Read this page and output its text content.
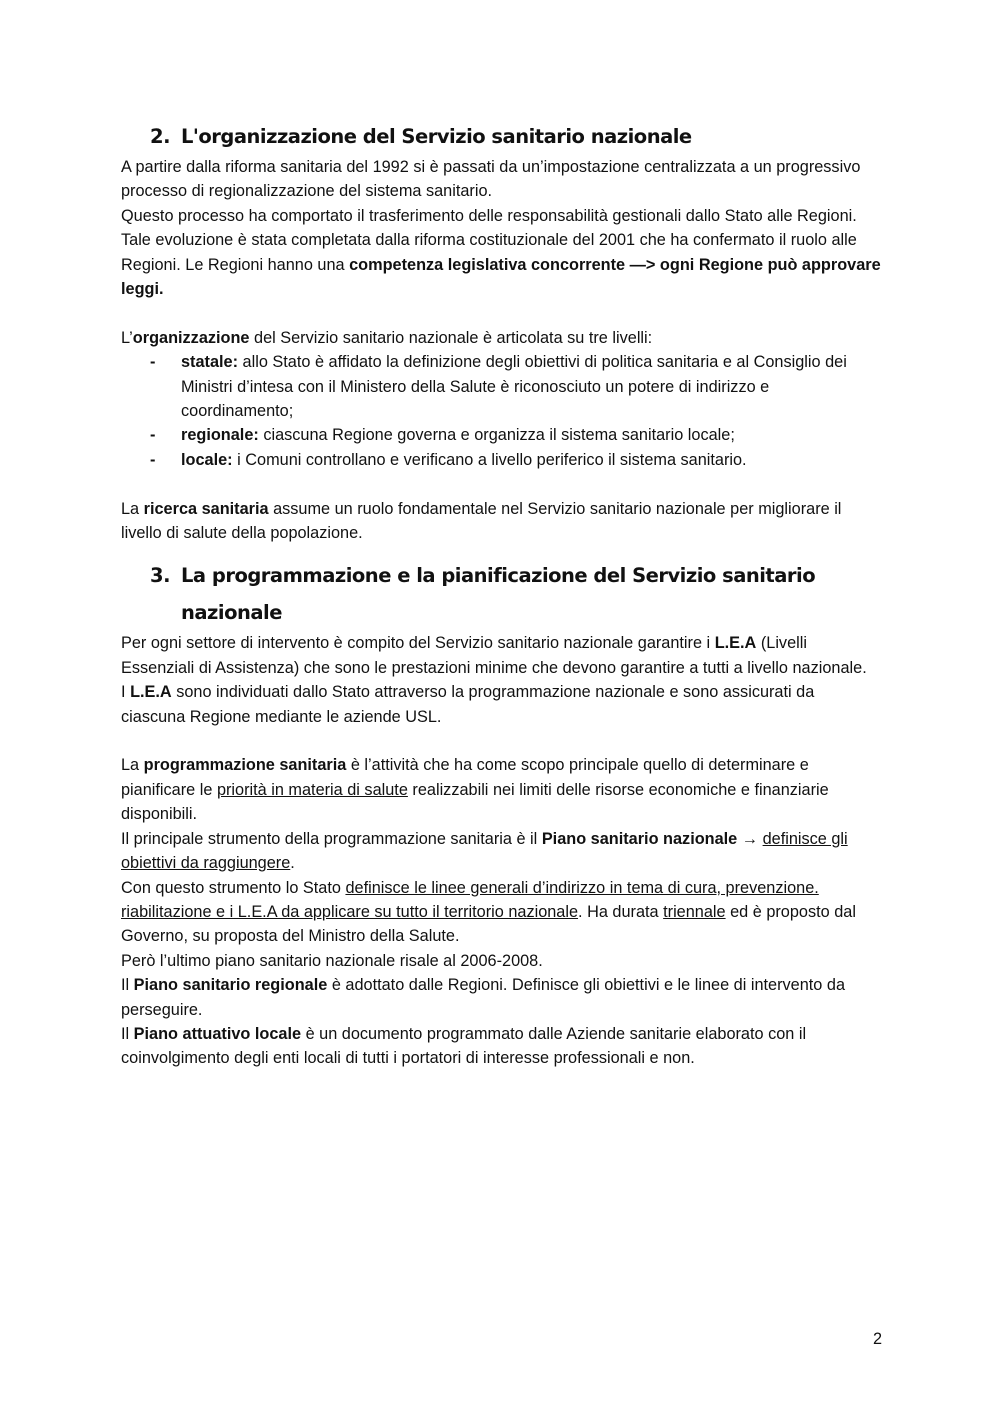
2. L'organizzazione del Servizio sanitario nazionale

A partire dalla riforma sanitaria del 1992 si è passati da un’impostazione centralizzata a un progressivo processo di regionalizzazione del sistema sanitario.

Questo processo ha comportato il trasferimento delle responsabilità gestionali dallo Stato alle Regioni.

Tale evoluzione è stata completata dalla riforma costituzionale del 2001 che ha confermato il ruolo alle Regioni. Le Regioni hanno una competenza legislativa concorrente —> ogni Regione può approvare leggi.

L’organizzazione del Servizio sanitario nazionale è articolata su tre livelli:

-	statale: allo Stato è affidato la definizione degli obiettivi di politica sanitaria e al Consiglio dei Ministri d’intesa con il Ministero della Salute è riconosciuto un potere di indirizzo e coordinamento;
-	regionale: ciascuna Regione governa e organizza il sistema sanitario locale;
-	locale: i Comuni controllano e verificano a livello periferico il sistema sanitario.

La ricerca sanitaria assume un ruolo fondamentale nel Servizio sanitario nazionale per migliorare il livello di salute della popolazione.

3. La programmazione e la pianificazione del Servizio sanitario nazionale

Per ogni settore di intervento è compito del Servizio sanitario nazionale garantire i L.E.A (Livelli Essenziali di Assistenza) che sono le prestazioni minime che devono garantire a tutti a livello nazionale.

I L.E.A sono individuati dallo Stato attraverso la programmazione nazionale e sono assicurati da ciascuna Regione mediante le aziende USL.

La programmazione sanitaria è l’attività che ha come scopo principale quello di determinare e pianificare le priorità in materia di salute realizzabili nei limiti delle risorse economiche e finanziarie disponibili.

Il principale strumento della programmazione sanitaria è il Piano sanitario nazionale → definisce gli obiettivi da raggiungere.

Con questo strumento lo Stato definisce le linee generali d’indirizzo in tema di cura, prevenzione. riabilitazione e i L.E.A da applicare su tutto il territorio nazionale. Ha durata triennale ed è proposto dal Governo, su proposta del Ministro della Salute.

Però l’ultimo piano sanitario nazionale risale al 2006-2008.

Il Piano sanitario regionale è adottato dalle Regioni. Definisce gli obiettivi e le linee di intervento da perseguire.

Il Piano attuativo locale è un documento programmato dalle Aziende sanitarie elaborato con il coinvolgimento degli enti locali di tutti i portatori di interesse professionali e non.

2
